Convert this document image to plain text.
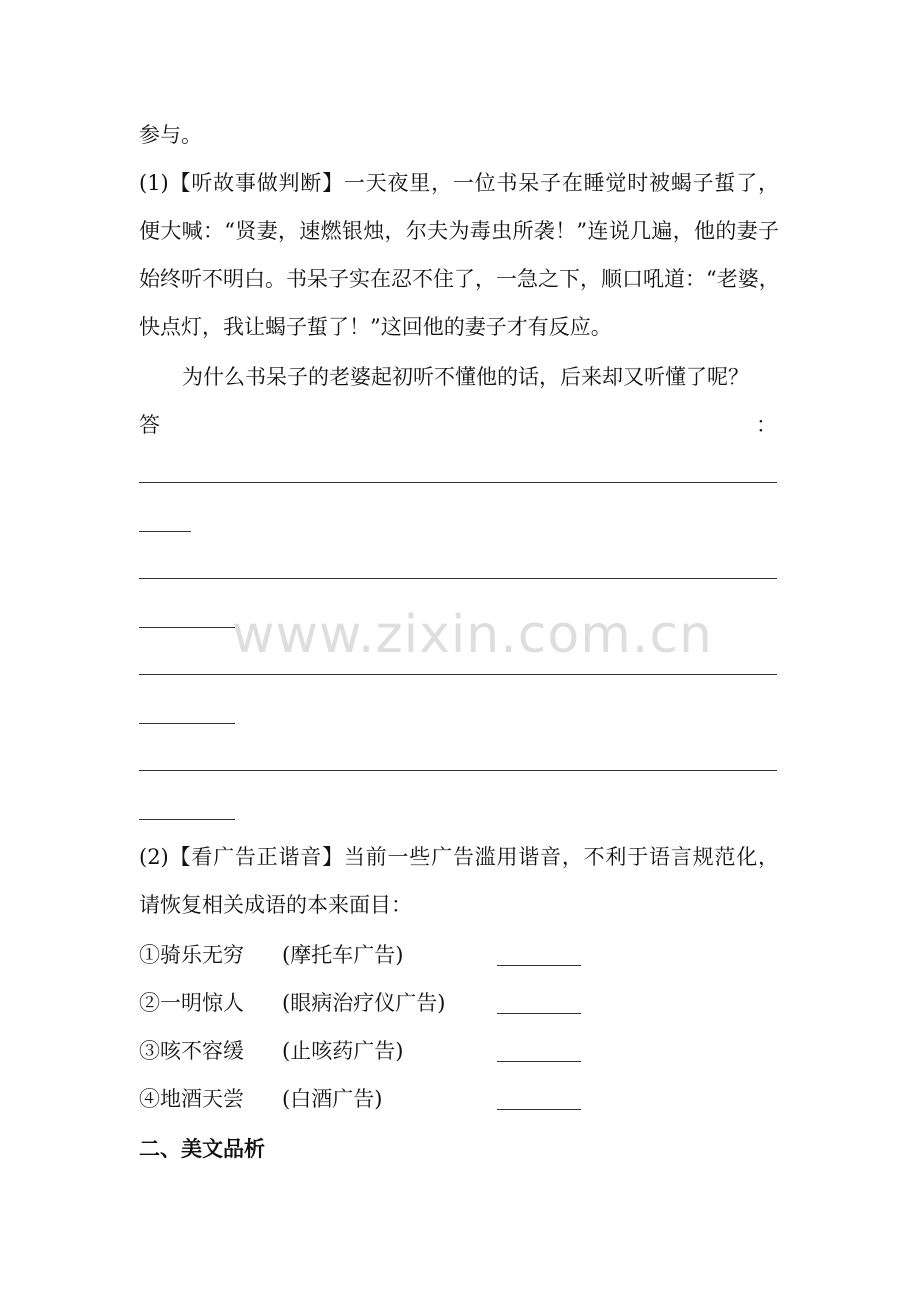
参与。
(1)【听故事做判断】一天夜里，一位书呆子在睡觉时被蝎子蜇了，
便大喊：“贤妻，速燃银烛，尔夫为毒虫所袭！”连说几遍，他的妻子
始终听不明白。书呆子实在忍不住了，一急之下，顺口吼道：“老婆，
快点灯，我让蝎子蜇了！”这回他的妻子才有反应。
为什么书呆子的老婆起初听不懂他的话，后来却又听懂了呢？
答	：
(2)【看广告正谐音】当前一些广告滥用谐音，不利于语言规范化，
请恢复相关成语的本来面目：
①骑乐无穷 (摩托车广告)
②一明惊人 (眼病治疗仪广告)
③咳不容缓 (止咳药广告)
④地酒天尝 (白酒广告)
二、美文品析
www.zixin.com.cn
